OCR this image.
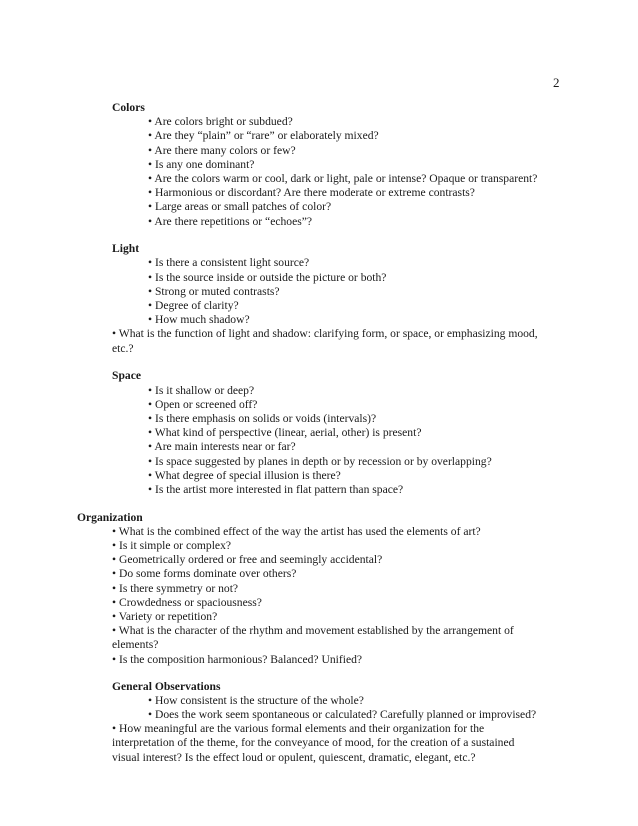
2
Colors
• Are colors bright or subdued?
• Are they “plain” or “rare” or elaborately mixed?
• Are there many colors or few?
• Is any one dominant?
• Are the colors warm or cool, dark or light, pale or intense? Opaque or transparent?
• Harmonious or discordant? Are there moderate or extreme contrasts?
• Large areas or small patches of color?
• Are there repetitions or “echoes”?
Light
• Is there a consistent light source?
• Is the source inside or outside the picture or both?
• Strong or muted contrasts?
• Degree of clarity?
• How much shadow?
• What is the function of light and shadow: clarifying form, or space, or emphasizing mood,
etc.?
Space
• Is it shallow or deep?
• Open or screened off?
• Is there emphasis on solids or voids (intervals)?
• What kind of perspective (linear, aerial, other) is present?
• Are main interests near or far?
• Is space suggested by planes in depth or by recession or by overlapping?
• What degree of special illusion is there?
• Is the artist more interested in flat pattern than space?
Organization
• What is the combined effect of the way the artist has used the elements of art?
• Is it simple or complex?
• Geometrically ordered or free and seemingly accidental?
• Do some forms dominate over others?
• Is there symmetry or not?
• Crowdedness or spaciousness?
• Variety or repetition?
• What is the character of the rhythm and movement established by the arrangement of
elements?
• Is the composition harmonious? Balanced? Unified?
General Observations
• How consistent is the structure of the whole?
• Does the work seem spontaneous or calculated? Carefully planned or improvised?
• How meaningful are the various formal elements and their organization for the
interpretation of the theme, for the conveyance of mood, for the creation of a sustained
visual interest? Is the effect loud or opulent, quiescent, dramatic, elegant, etc.?
